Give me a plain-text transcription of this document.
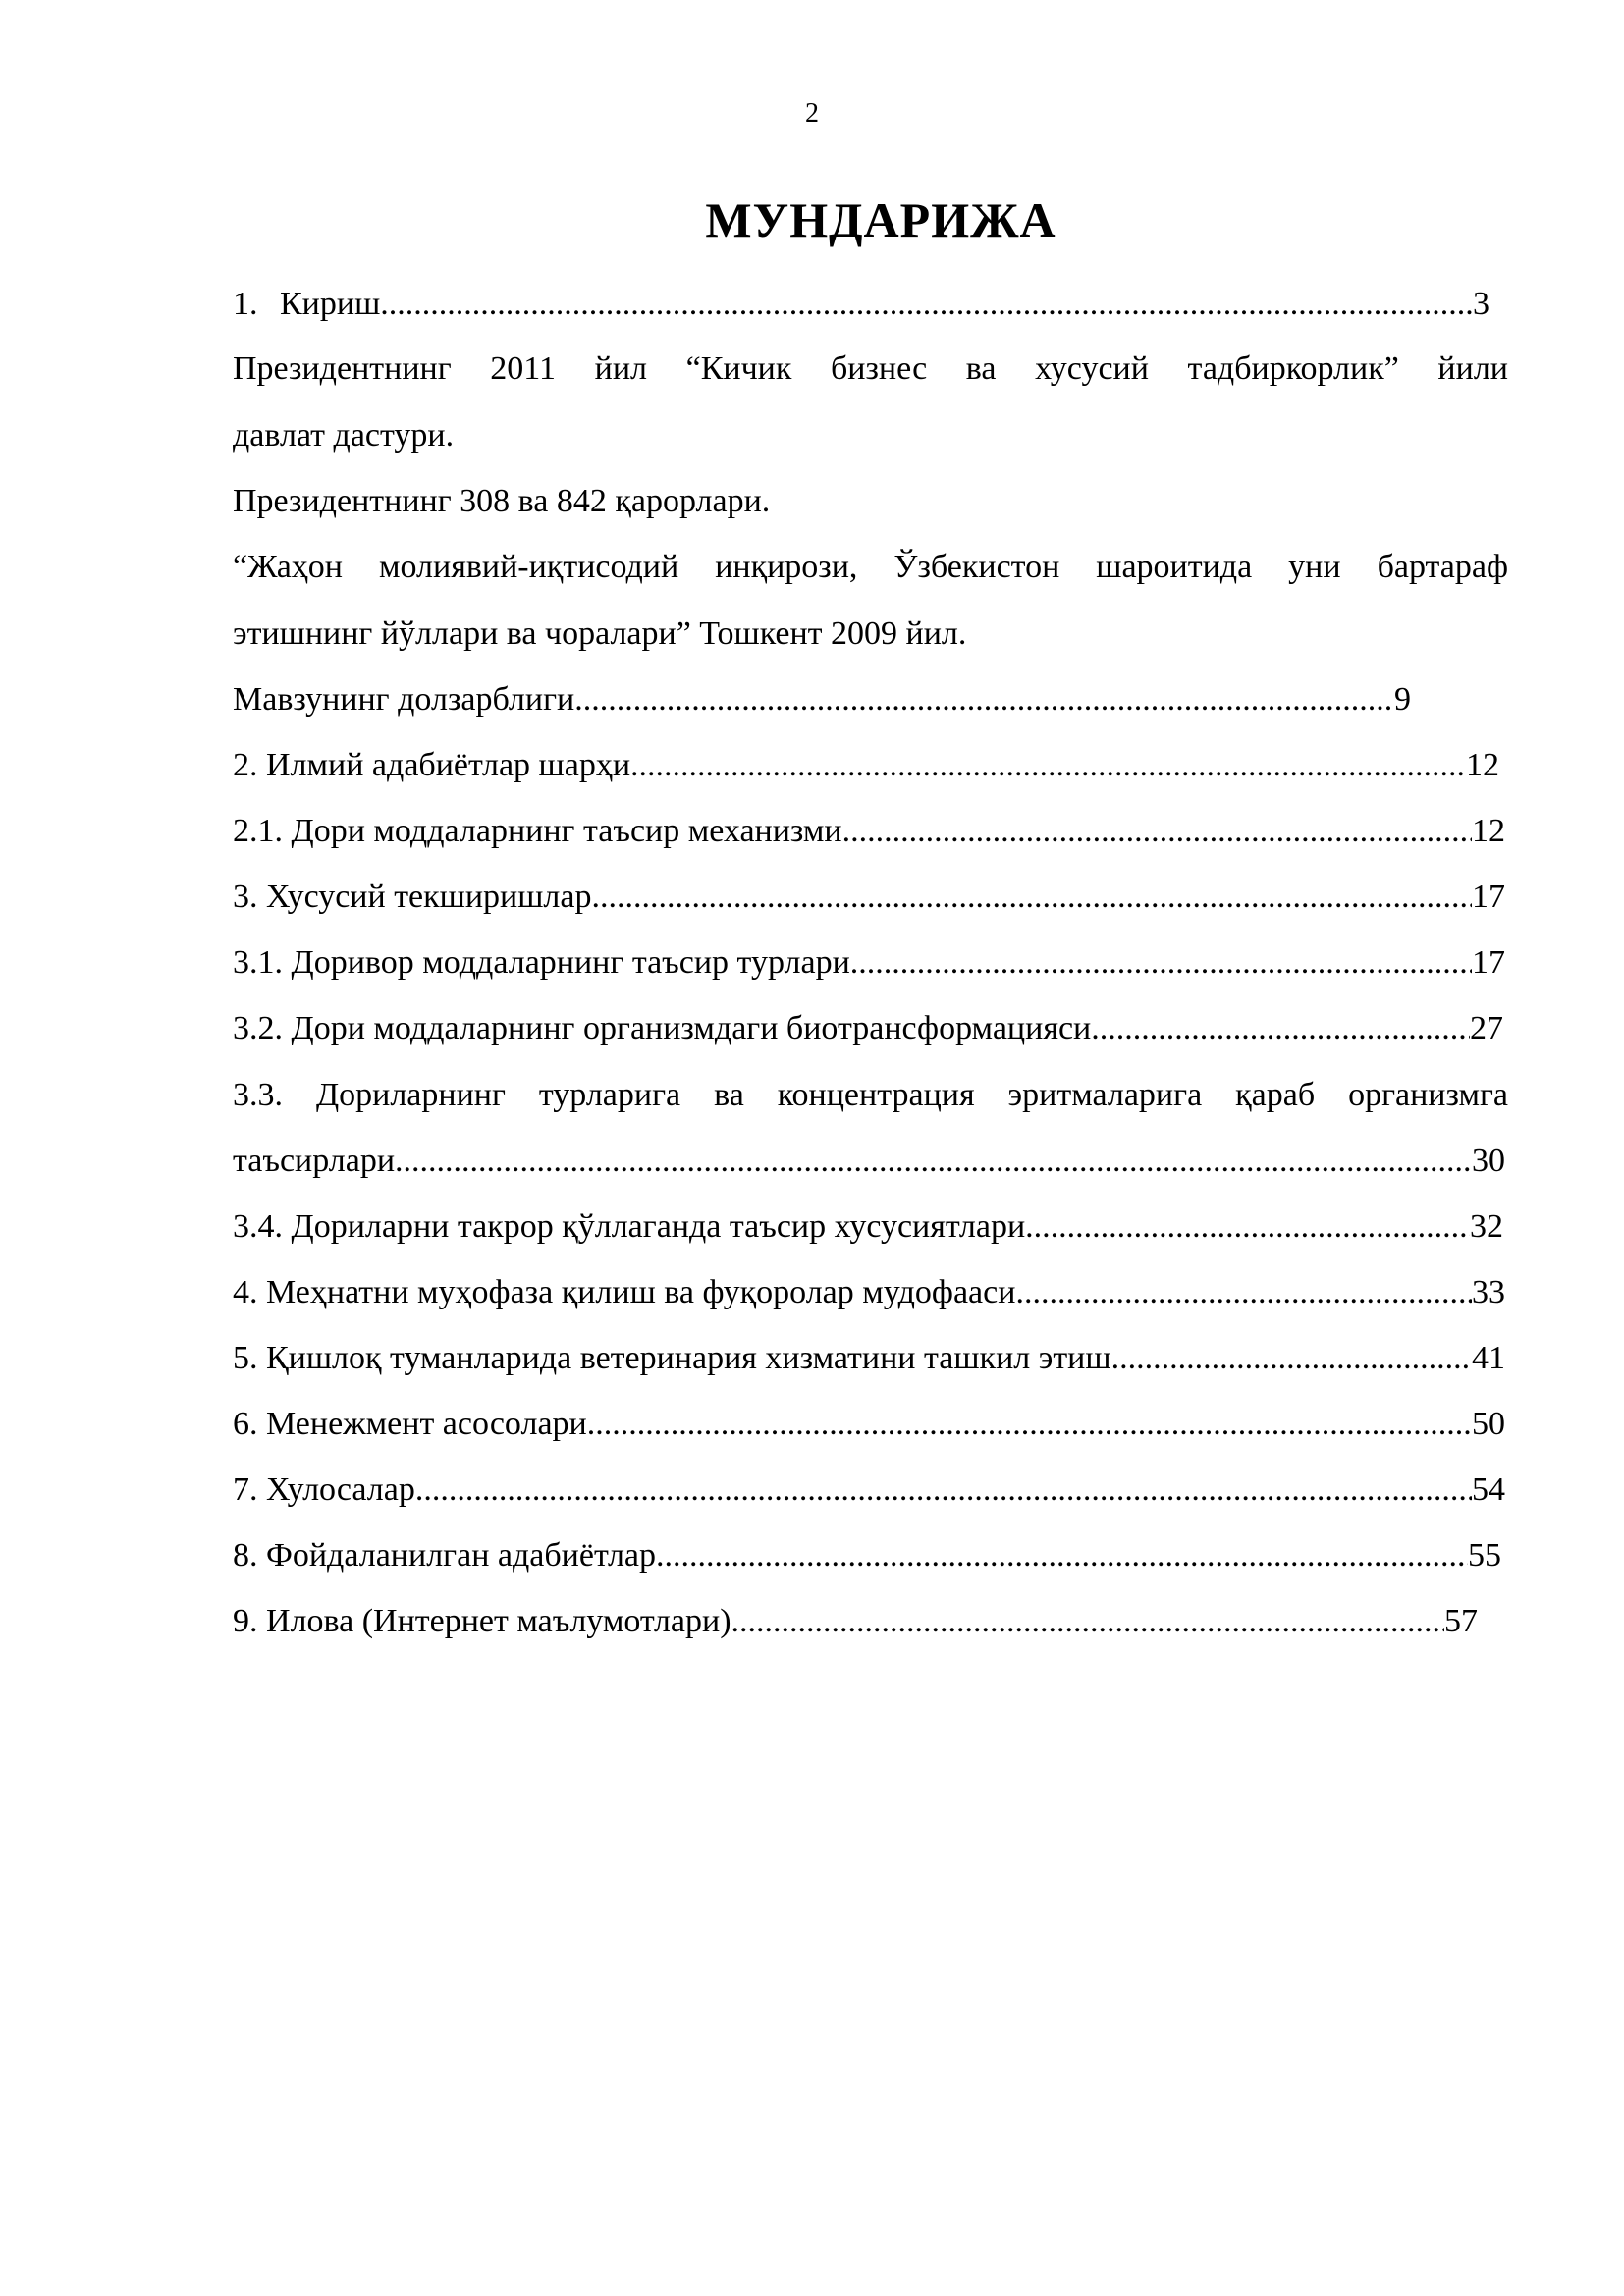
2
МУНДАРИЖА
1. Кириш .....	3
Президентнинг 2011 йил “Кичик бизнес ва хусусий тадбиркорлик” йили
давлат дастури.
Президентнинг 308 ва 842 қарорлари.
“Жаҳон молиявий-иқтисодий инқирози, Ўзбекистон шароитида уни бартараф
этишнинг йўллари ва чоралари” Тошкент 2009 йил.
Мавзунинг долзарблиги .....	9
2. Илмий адабиётлар шарҳи .....	12
2.1. Дори моддаларнинг таъсир механизми .....	12
3. Хусусий текширишлар .....	17
3.1. Доривор моддаларнинг таъсир турлари .....	17
3.2. Дори моддаларнинг организмдаги биотрансформацияси .....	27
3.3. Дориларнинг турларига ва концентрация эритмаларига қараб организмга
таъсирлари .....	30
3.4. Дориларни такрор қўллаганда таъсир хусусиятлари .....	32
4. Меҳнатни муҳофаза қилиш ва фуқоролар мудофааси .....	33
5. Қишлоқ туманларида ветеринария хизматини ташкил этиш .....	41
6. Менежмент асосолари .....	50
7. Хулосалар .....	54
8. Фойдаланилган адабиётлар .....	55
9. Илова (Интернет маълумотлари) .....	57
